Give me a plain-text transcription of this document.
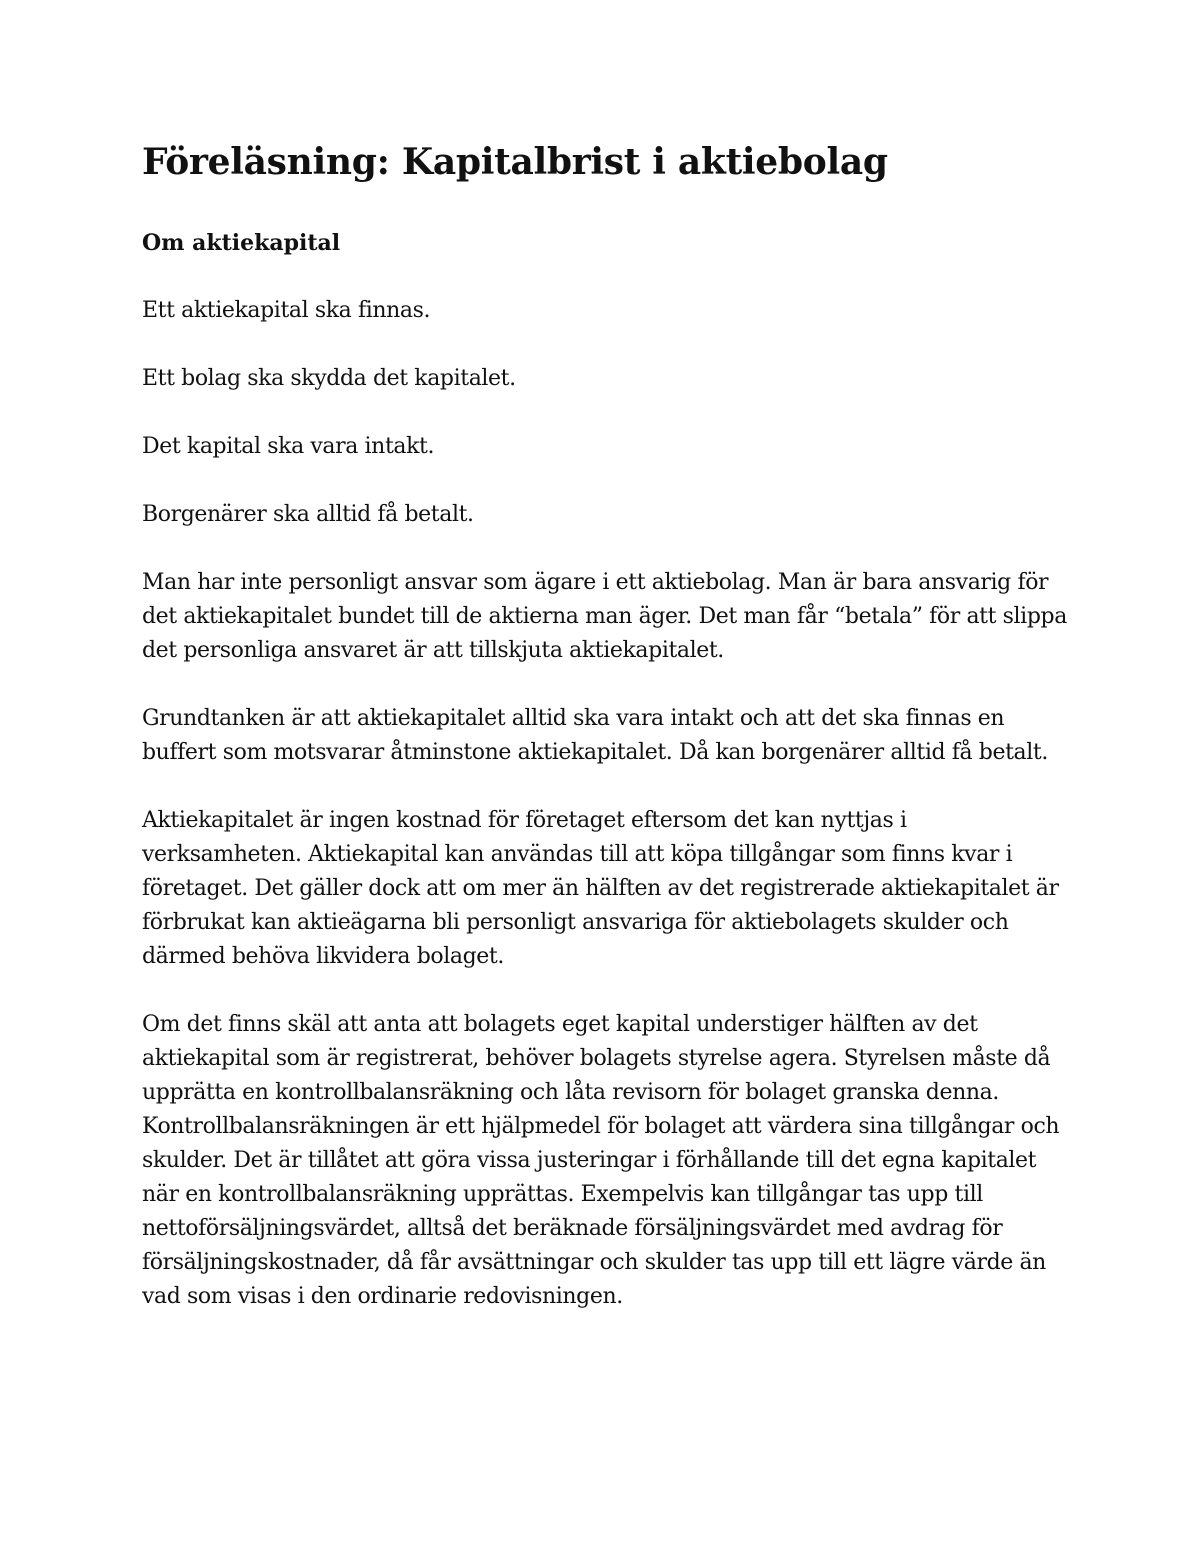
Föreläsning: Kapitalbrist i aktiebolag

Om aktiekapital

Ett aktiekapital ska finnas.

Ett bolag ska skydda det kapitalet.

Det kapital ska vara intakt.

Borgenärer ska alltid få betalt.

Man har inte personligt ansvar som ägare i ett aktiebolag. Man är bara ansvarig för det aktiekapitalet bundet till de aktierna man äger. Det man får “betala” för att slippa det personliga ansvaret är att tillskjuta aktiekapitalet.

Grundtanken är att aktiekapitalet alltid ska vara intakt och att det ska finnas en buffert som motsvarar åtminstone aktiekapitalet. Då kan borgenärer alltid få betalt.

Aktiekapitalet är ingen kostnad för företaget eftersom det kan nyttjas i verksamheten. Aktiekapital kan användas till att köpa tillgångar som finns kvar i företaget. Det gäller dock att om mer än hälften av det registrerade aktiekapitalet är förbrukat kan aktieägarna bli personligt ansvariga för aktiebolagets skulder och därmed behöva likvidera bolaget.

Om det finns skäl att anta att bolagets eget kapital understiger hälften av det aktiekapital som är registrerat, behöver bolagets styrelse agera. Styrelsen måste då upprätta en kontrollbalansräkning och låta revisorn för bolaget granska denna. Kontrollbalansräkningen är ett hjälpmedel för bolaget att värdera sina tillgångar och skulder. Det är tillåtet att göra vissa justeringar i förhållande till det egna kapitalet när en kontrollbalansräkning upprättas. Exempelvis kan tillgångar tas upp till nettoförsäljningsvärdet, alltså det beräknade försäljningsvärdet med avdrag för försäljningskostnader, då får avsättningar och skulder tas upp till ett lägre värde än vad som visas i den ordinarie redovisningen.
